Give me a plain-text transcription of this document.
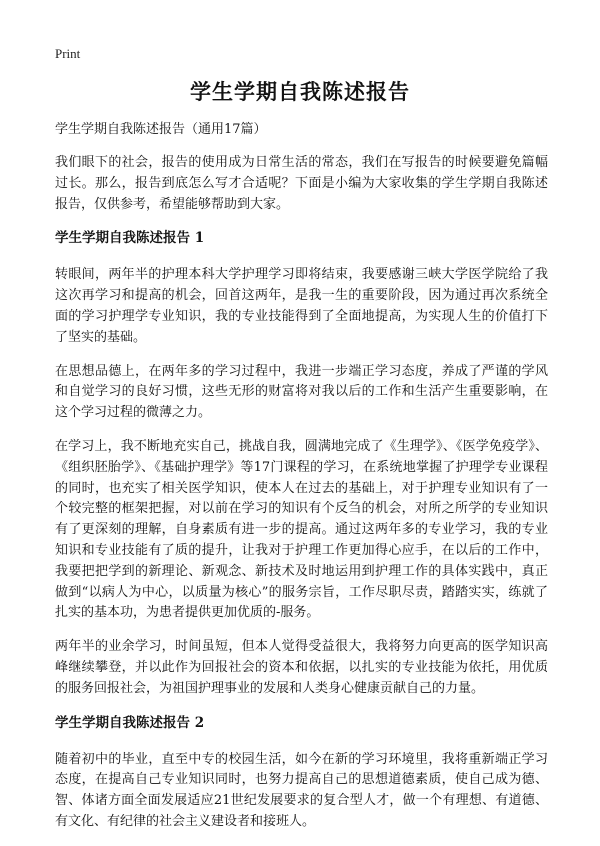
Print
学生学期自我陈述报告
学生学期自我陈述报告（通用17篇）

我们眼下的社会，报告的使用成为日常生活的常态，我们在写报告的时候要避免篇幅过长。那么，报告到底怎么写才合适呢？下面是小编为大家收集的学生学期自我陈述报告，仅供参考，希望能够帮助到大家。

学生学期自我陈述报告 1

转眼间，两年半的护理本科大学护理学习即将结束，我要感谢三峡大学医学院给了我这次再学习和提高的机会，回首这两年，是我一生的重要阶段，因为通过再次系统全面的学习护理学专业知识，我的专业技能得到了全面地提高，为实现人生的价值打下了坚实的基础。

在思想品德上，在两年多的学习过程中，我进一步端正学习态度，养成了严谨的学风和自觉学习的良好习惯，这些无形的财富将对我以后的工作和生活产生重要影响，在这个学习过程的微薄之力。

在学习上，我不断地充实自己，挑战自我，圆满地完成了《生理学》、《医学免疫学》、《组织胚胎学》、《基础护理学》等17门课程的学习，在系统地掌握了护理学专业课程的同时，也充实了相关医学知识，使本人在过去的基础上，对于护理专业知识有了一个较完整的框架把握，对以前在学习的知识有个反刍的机会，对所之所学的专业知识有了更深刻的理解，自身素质有进一步的提高。通过这两年多的专业学习，我的专业知识和专业技能有了质的提升，让我对于护理工作更加得心应手，在以后的工作中，我要把把学到的新理论、新观念、新技术及时地运用到护理工作的具体实践中，真正做到“以病人为中心，以质量为核心”的服务宗旨，工作尽职尽责，踏踏实实，练就了扎实的基本功，为患者提供更加优质的-服务。

两年半的业余学习，时间虽短，但本人觉得受益很大，我将努力向更高的医学知识高峰继续攀登，并以此作为回报社会的资本和依据，以扎实的专业技能为依托，用优质的服务回报社会，为祖国护理事业的发展和人类身心健康贡献自己的力量。

学生学期自我陈述报告 2

随着初中的毕业，直至中专的校园生活，如今在新的学习环境里，我将重新端正学习态度，在提高自己专业知识同时，也努力提高自己的思想道德素质，使自己成为德、智、体诸方面全面发展适应21世纪发展要求的复合型人才，做一个有理想、有道德、有文化、有纪律的社会主义建设者和接班人。
